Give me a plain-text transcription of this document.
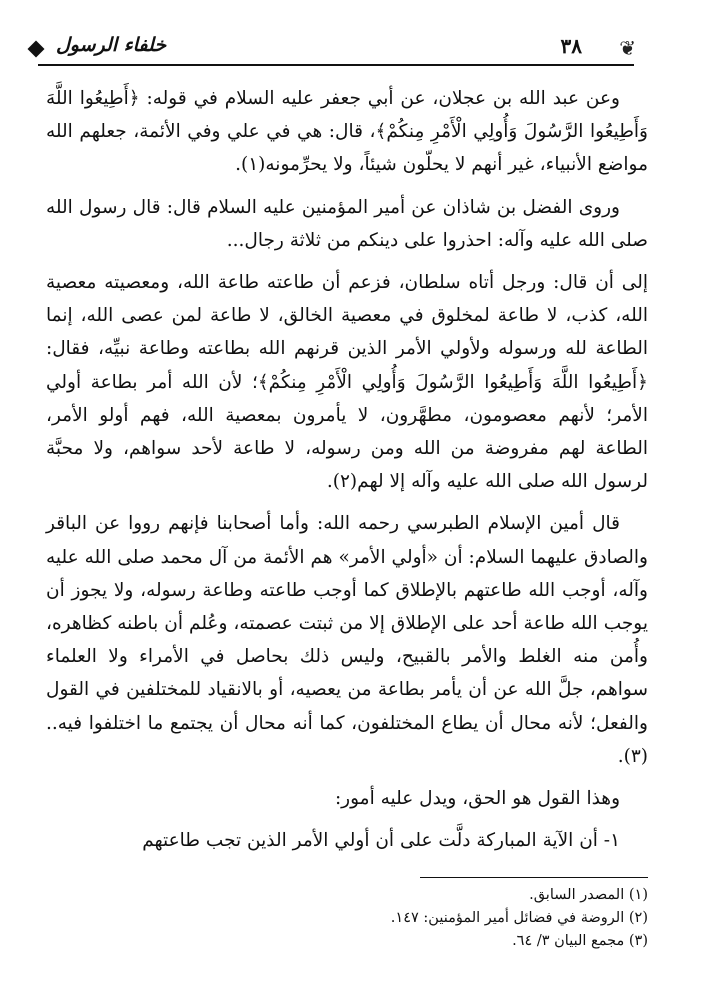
خلفاء الرسول	٣٨ ❦

وعن عبد الله بن عجلان، عن أبي جعفر عليه السلام في قوله: ﴿أَطِيعُوا اللَّهَ وَأَطِيعُوا الرَّسُولَ وَأُولِي الْأَمْرِ مِنكُمْ﴾، قال: هي في علي وفي الأئمة، جعلهم الله مواضع الأنبياء، غير أنهم لا يحلّون شيئاً، ولا يحرِّمونه(١).

وروى الفضل بن شاذان عن أمير المؤمنين عليه السلام قال: قال رسول الله صلى الله عليه وآله: احذروا على دينكم من ثلاثة رجال...

إلى أن قال: ورجل أتاه سلطان، فزعم أن طاعته طاعة الله، ومعصيته معصية الله، كذب، لا طاعة لمخلوق في معصية الخالق، لا طاعة لمن عصى الله، إنما الطاعة لله ورسوله ولأولي الأمر الذين قرنهم الله بطاعته وطاعة نبيِّه، فقال: ﴿أَطِيعُوا اللَّهَ وَأَطِيعُوا الرَّسُولَ وَأُولِي الْأَمْرِ مِنكُمْ﴾؛ لأن الله أمر بطاعة أولي الأمر؛ لأنهم معصومون، مطهَّرون، لا يأمرون بمعصية الله، فهم أولو الأمر، الطاعة لهم مفروضة من الله ومن رسوله، لا طاعة لأحد سواهم، ولا محبَّة لرسول الله صلى الله عليه وآله إلا لهم(٢).

قال أمين الإسلام الطبرسي رحمه الله: وأما أصحابنا فإنهم رووا عن الباقر والصادق عليهما السلام: أن «أولي الأمر» هم الأئمة من آل محمد صلى الله عليه وآله، أوجب الله طاعتهم بالإطلاق كما أوجب طاعته وطاعة رسوله، ولا يجوز أن يوجب الله طاعة أحد على الإطلاق إلا من ثبتت عصمته، وعُلم أن باطنه كظاهره، وأُمن منه الغلط والأمر بالقبيح، وليس ذلك بحاصل في الأمراء ولا العلماء سواهم، جلَّ الله عن أن يأمر بطاعة من يعصيه، أو بالانقياد للمختلفين في القول والفعل؛ لأنه محال أن يطاع المختلفون، كما أنه محال أن يجتمع ما اختلفوا فيه..(٣).

وهذا القول هو الحق، ويدل عليه أمور:

١- أن الآية المباركة دلَّت على أن أولي الأمر الذين تجب طاعتهم

(١) المصدر السابق.
(٢) الروضة في فضائل أمير المؤمنين: ١٤٧.
(٣) مجمع البيان ٣/ ٦٤.
